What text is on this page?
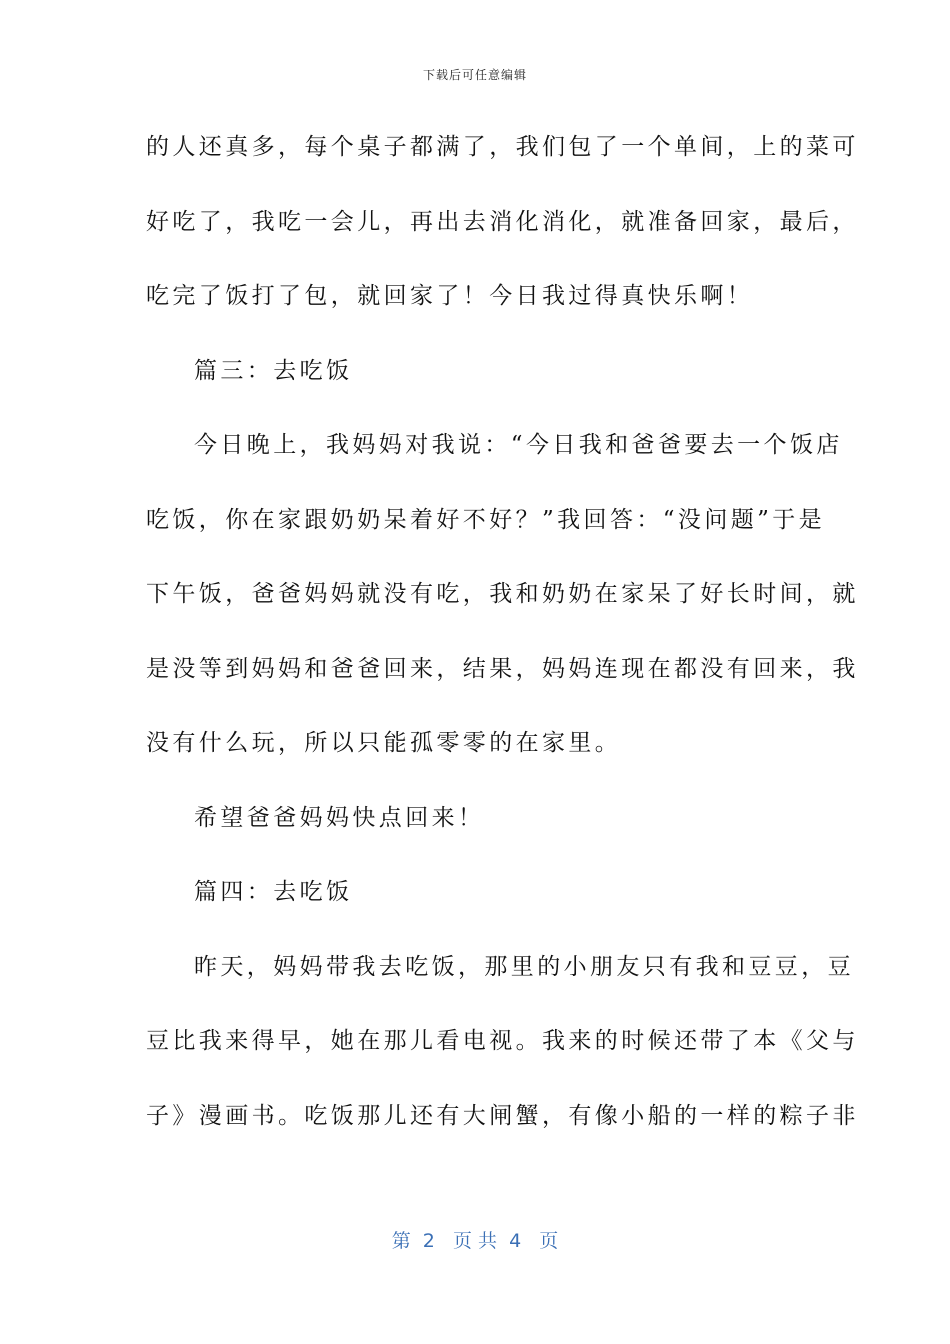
下载后可任意编辑
的人还真多，每个桌子都满了，我们包了一个单间，上的菜可
好吃了，我吃一会儿，再出去消化消化，就准备回家，最后，
吃完了饭打了包，就回家了！今日我过得真快乐啊！
篇三：去吃饭
今日晚上，我妈妈对我说：“今日我和爸爸要去一个饭店
吃饭，你在家跟奶奶呆着好不好？”我回答：“没问题”于是
下午饭，爸爸妈妈就没有吃，我和奶奶在家呆了好长时间，就
是没等到妈妈和爸爸回来，结果，妈妈连现在都没有回来，我
没有什么玩，所以只能孤零零的在家里。
希望爸爸妈妈快点回来！
篇四：去吃饭
昨天，妈妈带我去吃饭，那里的小朋友只有我和豆豆，豆
豆比我来得早，她在那儿看电视。我来的时候还带了本《父与
子》漫画书。吃饭那儿还有大闸蟹，有像小船的一样的粽子非
第  2   页 共  4   页
